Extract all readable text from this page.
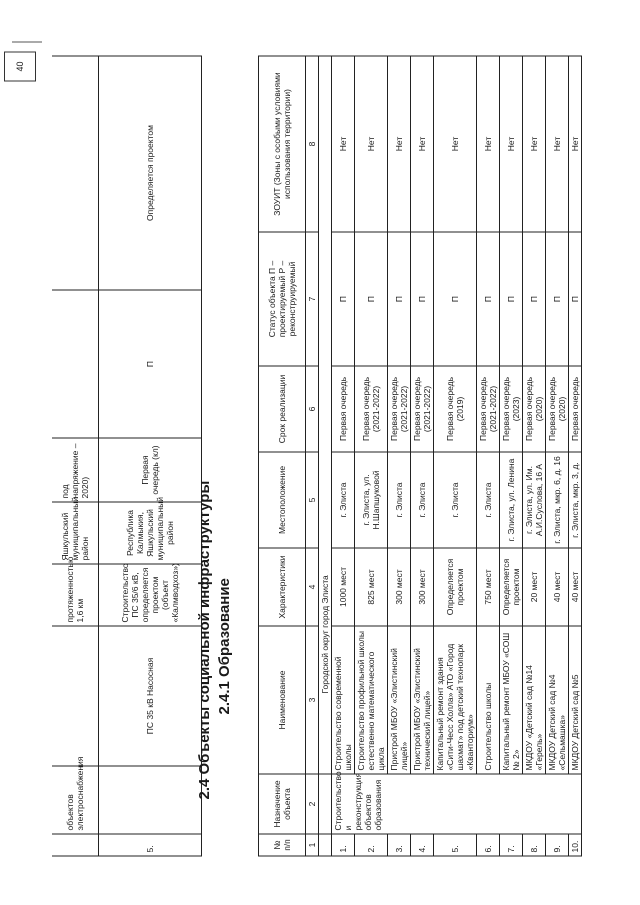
	объектов электроснабжения		протяженностью 1,6 км	Яшкульский муниципальный район	под напряжение – 2020)		
5.		ПС 35 кВ Насосная	Строительство ПС 35/6 кВ, определяется проектом (объект «Калмводхоз»)	Республика Калмыкия, Яшкульский муниципальный район	Первая очередь (кл)	П	Определяется проектом
2.4 Объекты социальной инфраструктуры 2.4.1 Образование
№ п/п	Назначение объекта	Наименование	Характеристики	Местоположение	Срок реализации	Статус объекта П – проектируемый Р – реконструируемый	ЗОУИТ (Зоны с особыми условиями использования территории)
1	2	3	4	5	6	7	8
		Городской округ город Элиста					
1.	Строительство и реконструкция объектов образования	Строительство современной школы	1000 мест	г. Элиста	Первая очередь	П	Нет
2.		Строительство профильной школы естественно математического цикла	825 мест	г. Элиста, ул. Н.Шапшуковой	Первая очередь (2021-2022)	П	Нет
3.		Пристрой МБОУ «Элистинский лицей»	300 мест	г. Элиста	Первая очередь (2021-2022)	П	Нет
4.		Пристрой МБОУ «Элистинский технический лицей»	300 мест	г. Элиста	Первая очередь (2021-2022)	П	Нет
5.		Капитальный ремонт здания «Сити-Чесс Холла» АТО «Город шахмат» под детский технопарк «Кванториум»	Определяется проектом	г. Элиста	Первая очередь (2019)	П	Нет
6.		Строительство школы	750 мест	г. Элиста	Первая очередь (2021-2022)	П	Нет
7.		Капитальный ремонт МБОУ «СОШ № 2»	Определяется проектом	г. Элиста, ул. Ленина	Первая очередь (2023)	П	Нет
8.		МКДОУ «Детский сад №14 «Герель»	20 мест	г. Элиста, ул. Им. А.И.Суслова, 16 А	Первая очередь (2020)	П	Нет
9.		МКДОУ Детский сад №4 «Сельмашка»	40 мест	г. Элиста, мкр. 6, д. 16	Первая очередь (2020)	П	Нет
10.		МКДОУ Детский сад №5	40 мест	г. Элиста, мкр. 3, д.	Первая очередь	П	Нет
40
